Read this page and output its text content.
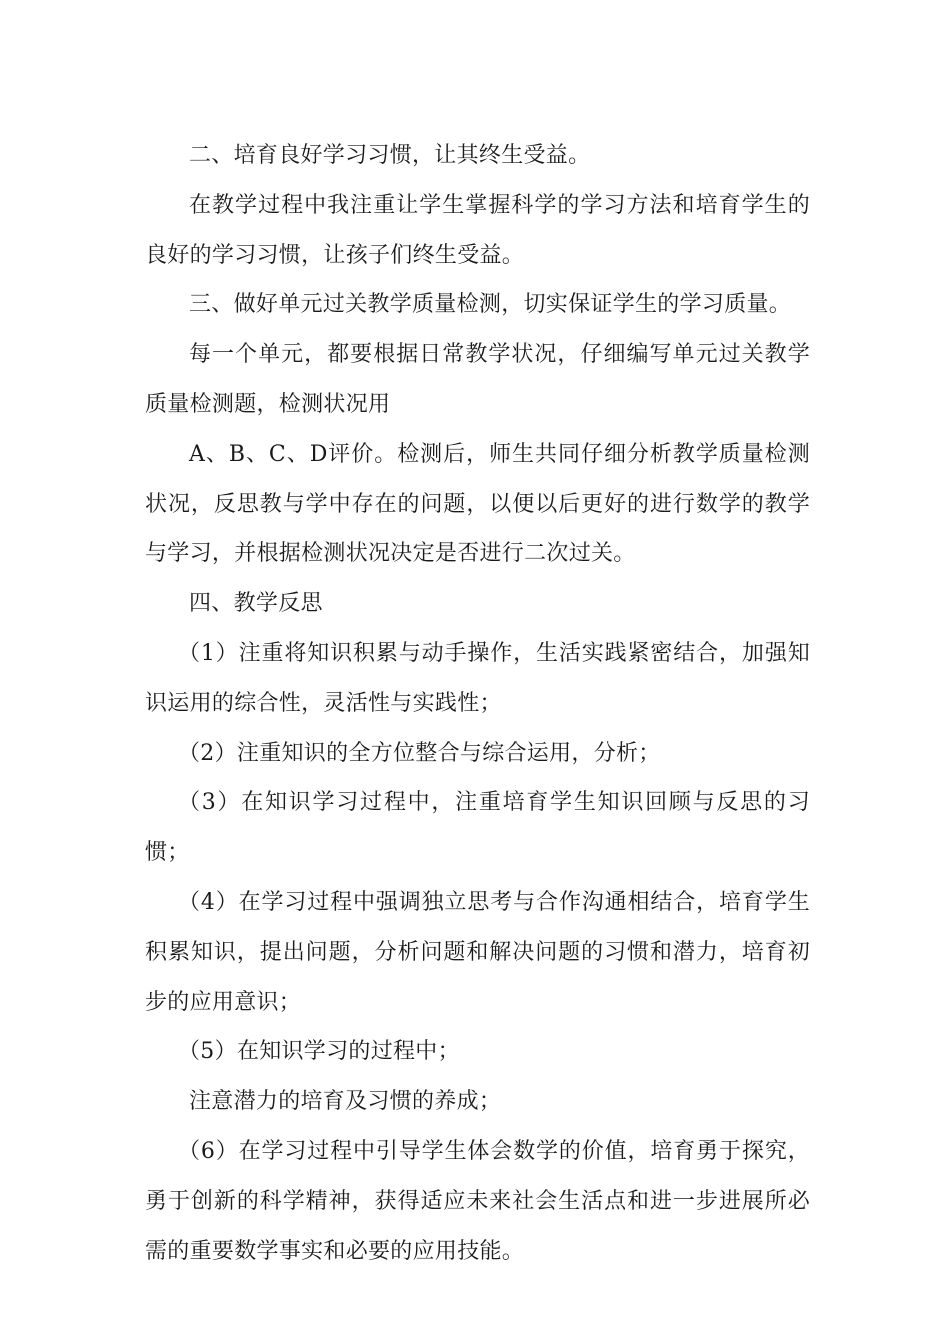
二、培育良好学习习惯，让其终生受益。

在教学过程中我注重让学生掌握科学的学习方法和培育学生的良好的学习习惯，让孩子们终生受益。

三、做好单元过关教学质量检测，切实保证学生的学习质量。

每一个单元，都要根据日常教学状况，仔细编写单元过关教学质量检测题，检测状况用

A、B、C、D评价。检测后，师生共同仔细分析教学质量检测状况，反思教与学中存在的问题，以便以后更好的进行数学的教学与学习，并根据检测状况决定是否进行二次过关。

四、教学反思

（1）注重将知识积累与动手操作，生活实践紧密结合，加强知识运用的综合性，灵活性与实践性；

（2）注重知识的全方位整合与综合运用，分析；

（3）在知识学习过程中，注重培育学生知识回顾与反思的习惯；

（4）在学习过程中强调独立思考与合作沟通相结合，培育学生积累知识，提出问题，分析问题和解决问题的习惯和潜力，培育初步的应用意识；

（5）在知识学习的过程中；

注意潜力的培育及习惯的养成；

（6）在学习过程中引导学生体会数学的价值，培育勇于探究，勇于创新的科学精神，获得适应未来社会生活点和进一步进展所必需的重要数学事实和必要的应用技能。
